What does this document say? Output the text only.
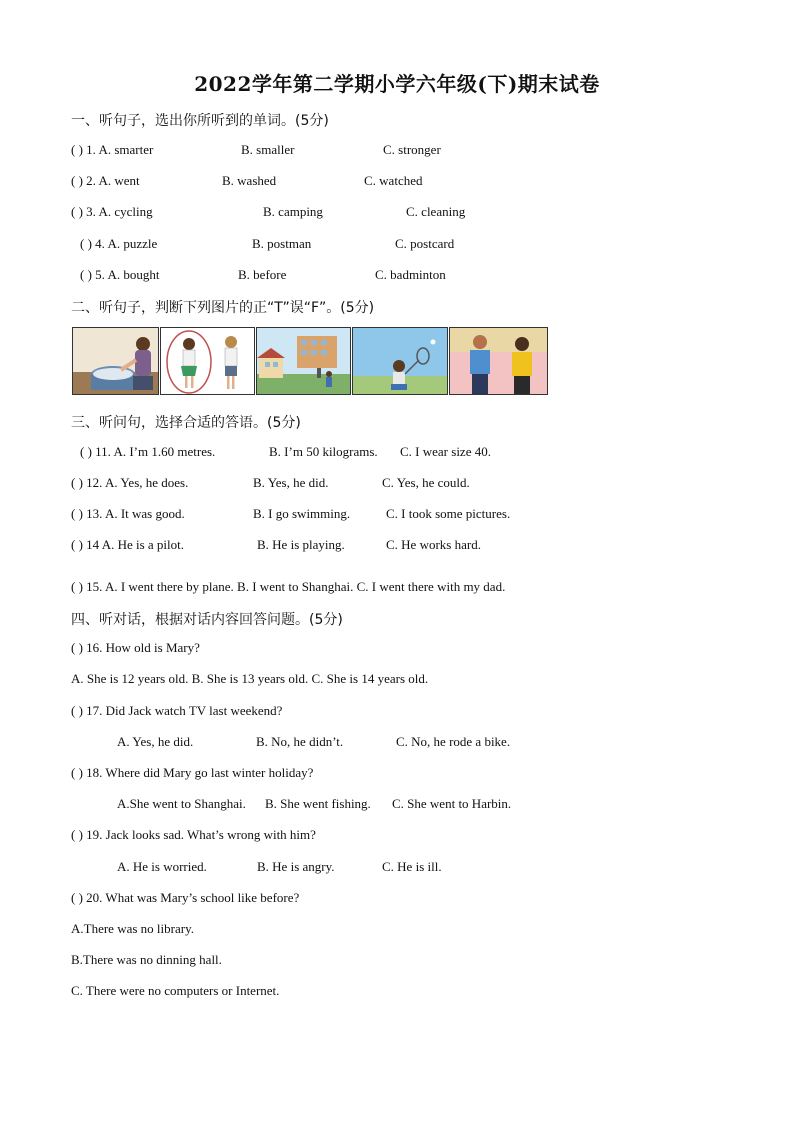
2022学年第二学期小学六年级(下)期末试卷
一、听句子，选出你所听到的单词。(5分)
( ) 1. A. smarter	B. smaller	C. stronger
( ) 2. A. went	B. washed	C. watched
( ) 3. A. cycling	B. camping	C. cleaning
( ) 4. A. puzzle	B. postman	C. postcard
( ) 5. A. bought	B. before	C. badminton
二、听句子，判断下列图片的正“T”误“F”。(5分)
三、听问句，选择合适的答语。(5分)
( ) 11. A. I’m 1.60 metres.	B. I’m 50 kilograms. C. I wear size 40.
( ) 12. A. Yes, he does.	B. Yes, he did.	C. Yes, he could.
( ) 13. A. It was good.	B. I go swimming.	C. I took some pictures.
( ) 14 A. He is a pilot.	B. He is playing.	C. He works hard.
( ) 15. A. I went there by plane. B. I went to Shanghai. C. I went there with my dad.
四、听对话，根据对话内容回答问题。(5分)
( ) 16. How old is Mary?
A. She is 12 years old. B. She is 13 years old. C. She is 14 years old.
( ) 17. Did Jack watch TV last weekend?
A. Yes, he did.	B. No, he didn’t.	C. No, he rode a bike.
( ) 18. Where did Mary go last winter holiday?
A.She went to Shanghai. B. She went fishing. C. She went to Harbin.
( ) 19. Jack looks sad. What’s wrong with him?
A. He is worried.	B. He is angry.	C. He is ill.
( ) 20. What was Mary’s school like before?
A.There was no library.
B.There was no dinning hall.
C. There were no computers or Internet.
